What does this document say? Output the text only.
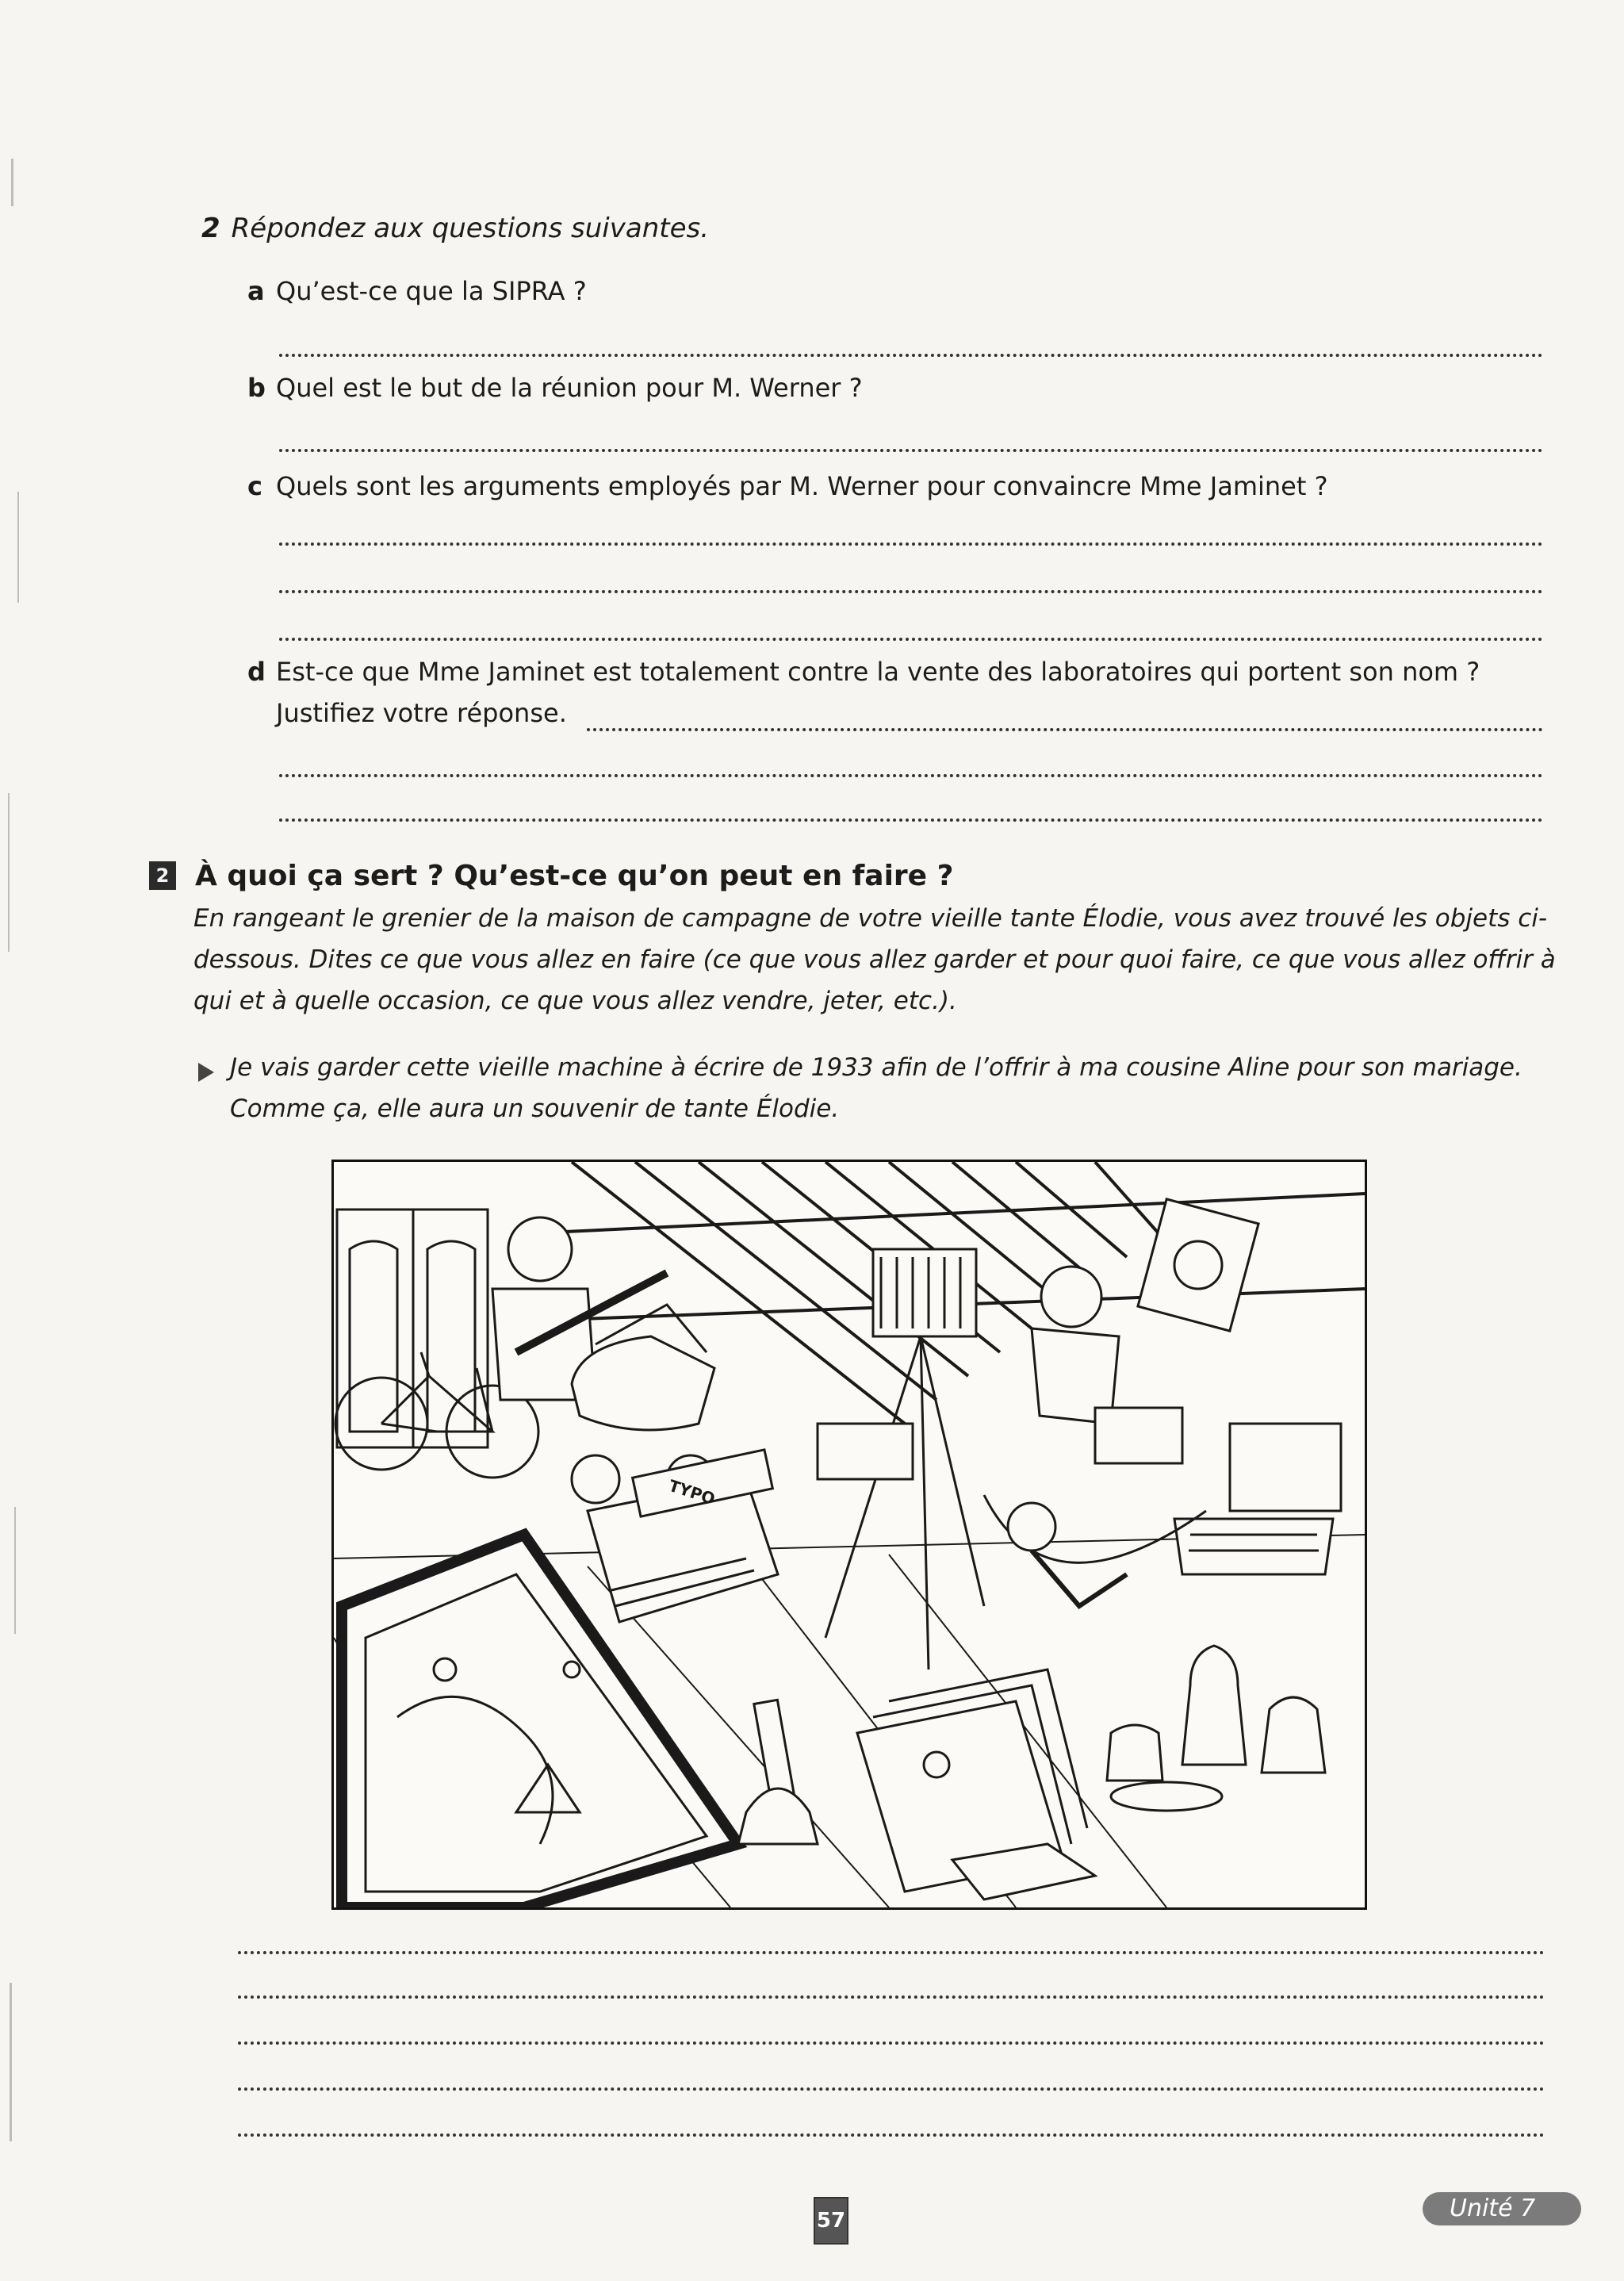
2 Répondez aux questions suivantes.
a Qu’est-ce que la SIPRA ?
b Quel est le but de la réunion pour M. Werner ?
c Quels sont les arguments employés par M. Werner pour convaincre Mme Jaminet ?
d Est-ce que Mme Jaminet est totalement contre la vente des laboratoires qui portent son nom ?
Justifiez votre réponse.
2 À quoi ça sert ? Qu’est-ce qu’on peut en faire ?
En rangeant le grenier de la maison de campagne de votre vieille tante Élodie, vous avez trouvé les objets ci-
dessous. Dites ce que vous allez en faire (ce que vous allez garder et pour quoi faire, ce que vous allez offrir à
qui et à quelle occasion, ce que vous allez vendre, jeter, etc.).
Je vais garder cette vieille machine à écrire de 1933 afin de l’offrir à ma cousine Aline pour son mariage.
Comme ça, elle aura un souvenir de tante Élodie.
TYPO
57	Unité 7
